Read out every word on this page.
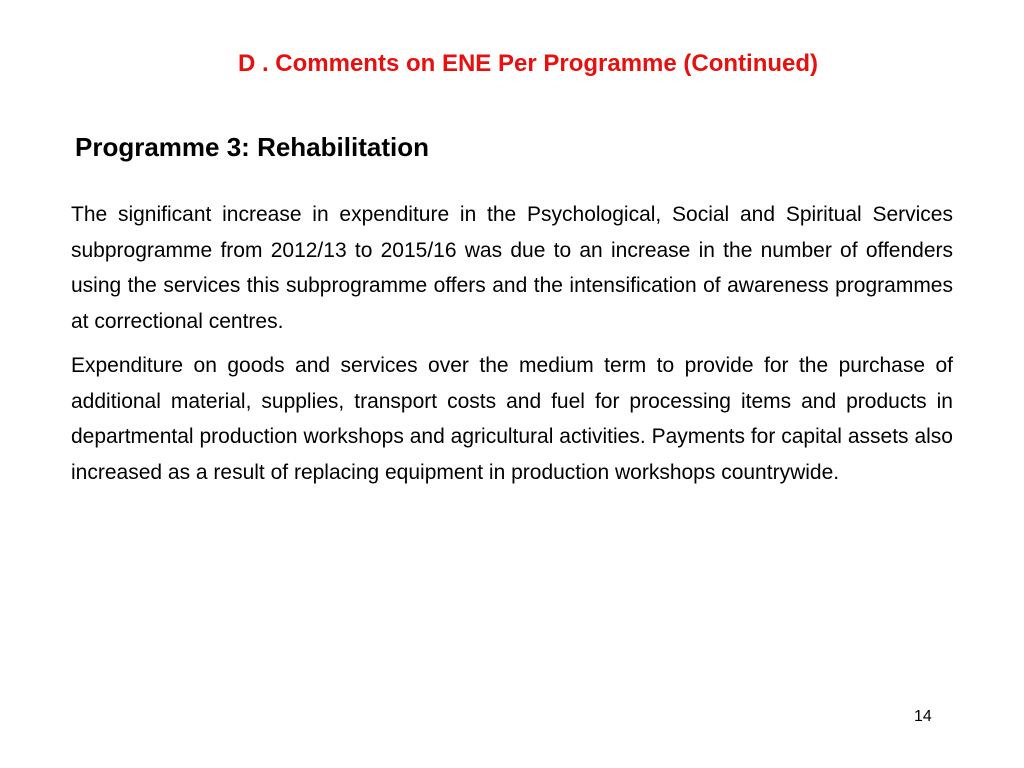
D . Comments on ENE Per Programme (Continued)
Programme 3: Rehabilitation

The significant increase in expenditure in the Psychological, Social and Spiritual Services subprogramme from 2012/13 to 2015/16 was due to an increase in the number of offenders using the services this subprogramme offers and the intensification of awareness programmes at correctional centres.

Expenditure on goods and services over the medium term to provide for the purchase of additional material, supplies, transport costs and fuel for processing items and products in departmental production workshops and agricultural activities. Payments for capital assets also increased as a result of replacing equipment in production workshops countrywide.

14
